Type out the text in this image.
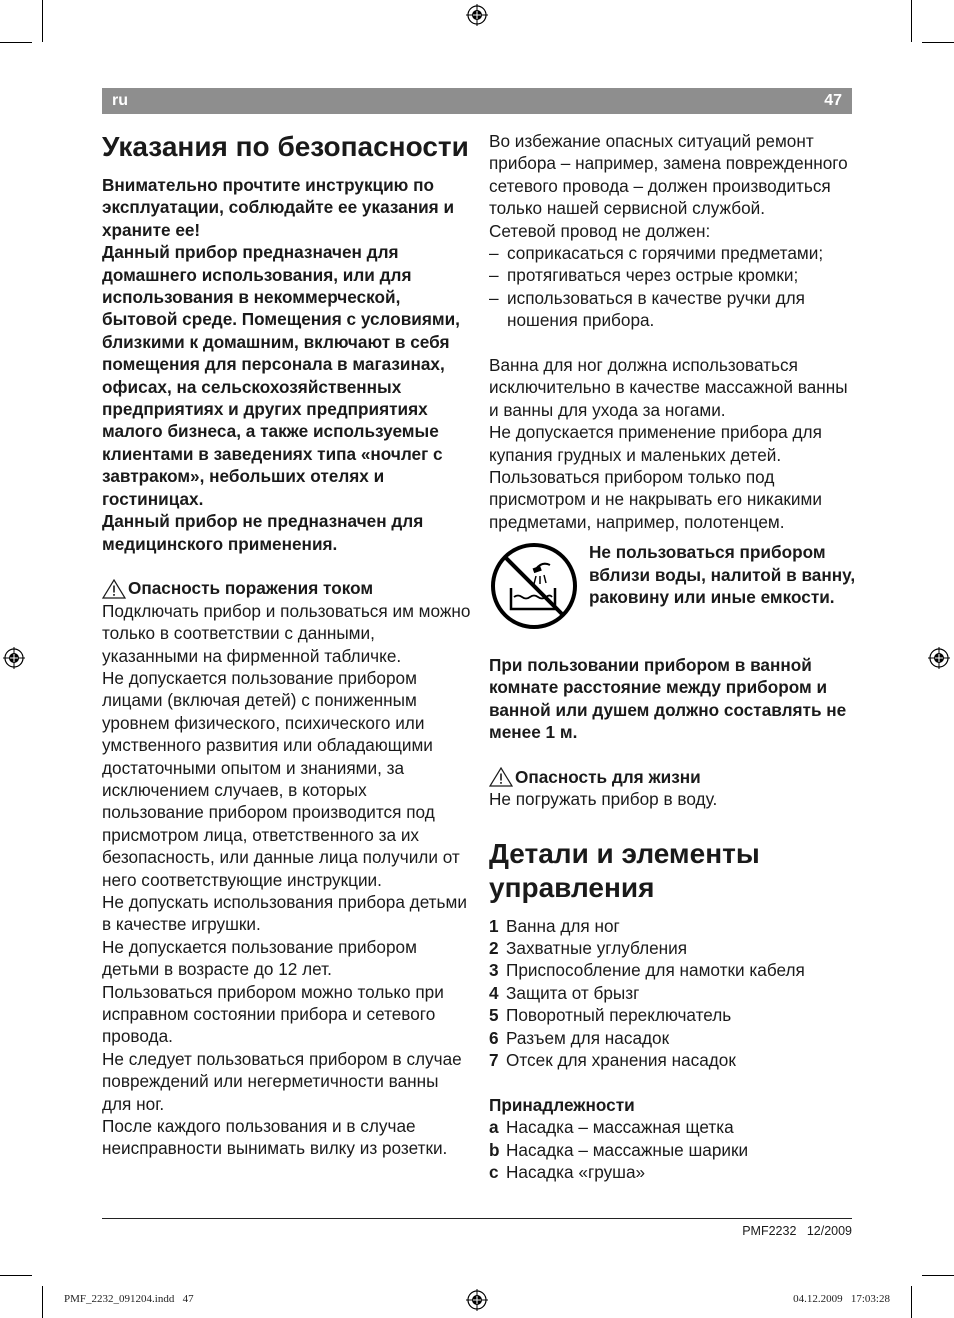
ru	47
Указания по безопасности

Внимательно прочтите инструкцию по эксплуатации, соблюдайте ее указания и храните ее!

Данный прибор предназначен для домашнего использования, или для использования в некоммерческой, бытовой среде. Помещения с условиями, близкими к домашним, включают в себя помещения для персонала в магазинах, офисах, на сельскохозяйственных предприятиях и других предприятиях малого бизнеса, а также используемые клиентами в заведениях типа «ночлег с завтраком», небольших отелях и гостиницах.

Данный прибор не предназначен для медицинского применения.

Опасность поражения током

Подключать прибор и пользоваться им можно только в соответствии с данными, указанными на фирменной табличке.

Не допускается пользование прибором лицами (включая детей) с пониженным уровнем физического, психического или умственного развития или обладающими достаточными опытом и знаниями, за исключением случаев, в которых пользование прибором производится под присмотром лица, ответственного за их безопасность, или данные лица получили от него соответствующие инструкции.

Не допускать использования прибора детьми в качестве игрушки.

Не допускается пользование прибором детьми в возрасте до 12 лет.

Пользоваться прибором можно только при исправном состоянии прибора и сетевого провода.

Не следует пользоваться прибором в случае повреждений или негерметичности ванны для ног.

После каждого пользования и в случае неисправности вынимать вилку из розетки.

Во избежание опасных ситуаций ремонт прибора – например, замена поврежденного сетевого провода – должен производиться только нашей сервисной службой.

Сетевой провод не должен:

– соприкасаться с горячими предметами;
– протягиваться через острые кромки;
– использоваться в качестве ручки для ношения прибора.

Ванна для ног должна использоваться исключительно в качестве массажной ванны и ванны для ухода за ногами.

Не допускается применение прибора для купания грудных и маленьких детей.

Пользоваться прибором только под присмотром и не накрывать его никакими предметами, например, полотенцем.

Не пользоваться прибором вблизи воды, налитой в ванну, раковину или иные емкости.

При пользовании прибором в ванной комнате расстояние между прибором и ванной или душем должно составлять не менее 1 м.

Опасность для жизни

Не погружать прибор в воду.

Детали и элементы управления
1 Ванна для ног
2 Захватные углубления
3 Приспособление для намотки кабеля
4 Защита от брызг
5 Поворотный переключатель
6 Разъем для насадок
7 Отсек для хранения насадок

Принадлежности

a Насадка – массажная щетка
b Насадка – массажные шарики
c Насадка «груша»
PMF2232   12/2009
PMF_2232_091204.indd   47	04.12.2009   17:03:28
